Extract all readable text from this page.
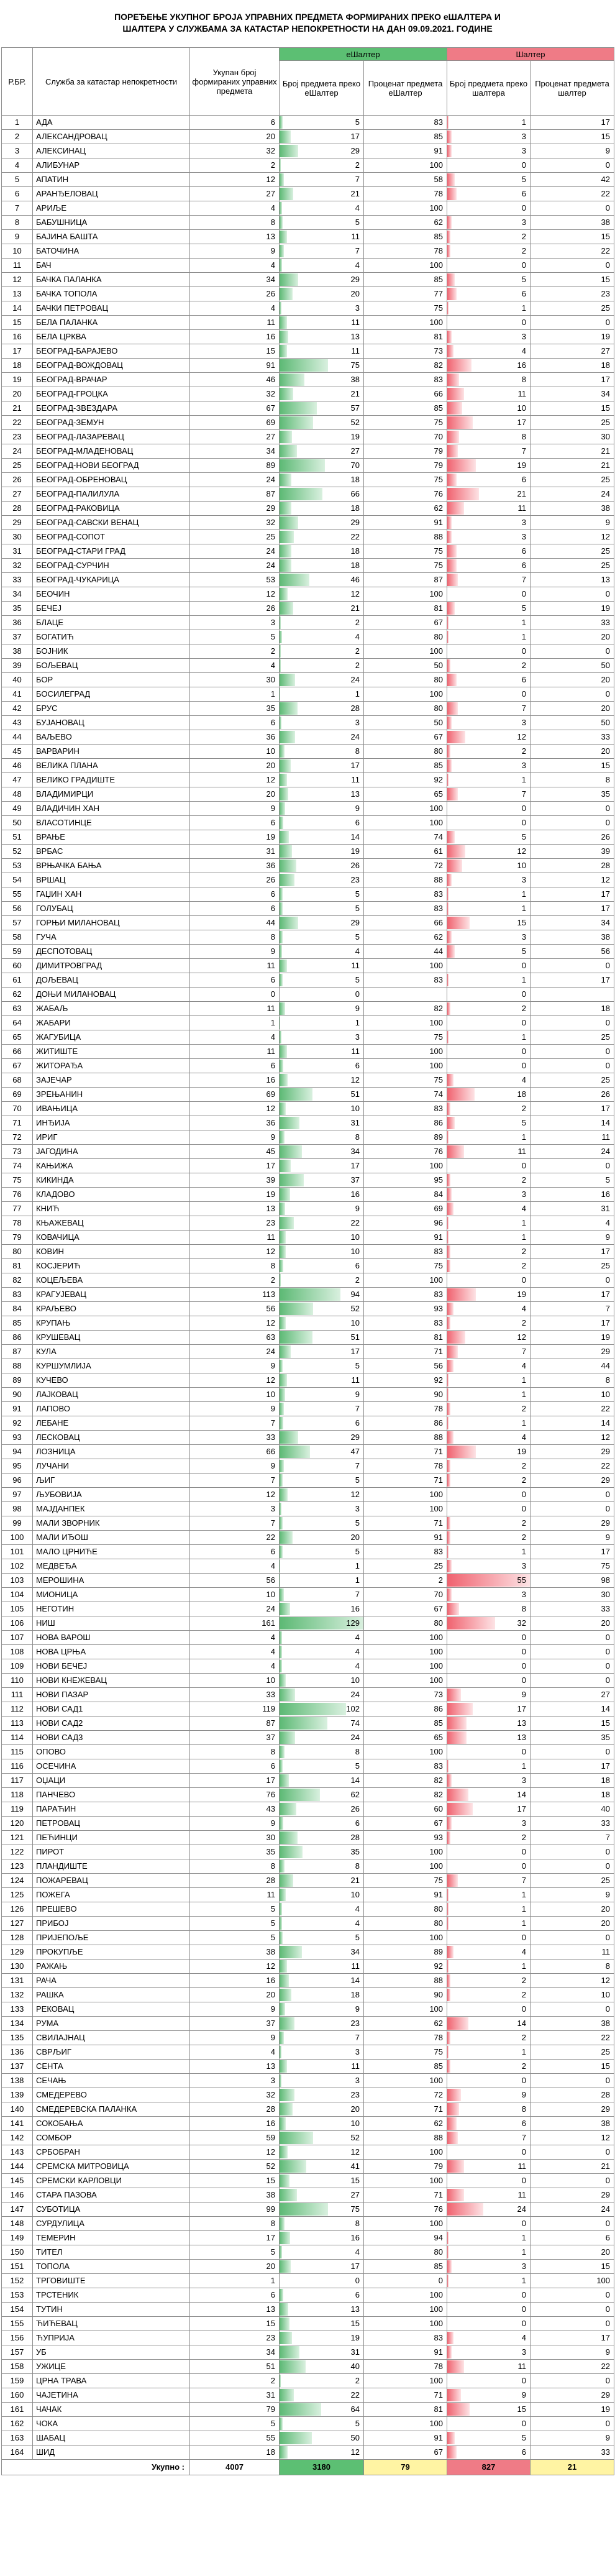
ПОРЕЂЕЊЕ УКУПНОГ БРОЈА УПРАВНИХ ПРЕДМЕТА ФОРМИРАНИХ ПРЕКО еШАЛТЕРА И
ШАЛТЕРА У СЛУЖБАМА ЗА КАТАСТАР НЕПОКРЕТНОСТИ НА ДАН 09.09.2021. ГОДИНЕ
Р.БР.	Служба за катастар непокретности	Укупан број формираних управних предмета	еШалтер		Шалтер	
			Број предмета преко еШалтер	Проценат предмета еШалтер	Број предмета преко шалтера	Проценат предмета шалтер
1	АДА	6	5	83	1	17
2	АЛЕКСАНДРОВАЦ	20	17	85	3	15
3	АЛЕКСИНАЦ	32	29	91	3	9
4	АЛИБУНАР	2	2	100	0	0
5	АПАТИН	12	7	58	5	42
6	АРАНЂЕЛОВАЦ	27	21	78	6	22
7	АРИЉЕ	4	4	100	0	0
8	БАБУШНИЦА	8	5	62	3	38
9	БАЈИНА БАШТА	13	11	85	2	15
10	БАТОЧИНА	9	7	78	2	22
11	БАЧ	4	4	100	0	0
12	БАЧКА ПАЛАНКА	34	29	85	5	15
13	БАЧКА ТОПОЛА	26	20	77	6	23
14	БАЧКИ ПЕТРОВАЦ	4	3	75	1	25
15	БЕЛА ПАЛАНКА	11	11	100	0	0
16	БЕЛА ЦРКВА	16	13	81	3	19
17	БЕОГРАД-БАРАЈЕВО	15	11	73	4	27
18	БЕОГРАД-ВОЖДОВАЦ	91	75	82	16	18
19	БЕОГРАД-ВРАЧАР	46	38	83	8	17
20	БЕОГРАД-ГРОЦКА	32	21	66	11	34
21	БЕОГРАД-ЗВЕЗДАРА	67	57	85	10	15
22	БЕОГРАД-ЗЕМУН	69	52	75	17	25
23	БЕОГРАД-ЛАЗАРЕВАЦ	27	19	70	8	30
24	БЕОГРАД-МЛАДЕНОВАЦ	34	27	79	7	21
25	БЕОГРАД-НОВИ БЕОГРАД	89	70	79	19	21
26	БЕОГРАД-ОБРЕНОВАЦ	24	18	75	6	25
27	БЕОГРАД-ПАЛИЛУЛА	87	66	76	21	24
28	БЕОГРАД-РАКОВИЦА	29	18	62	11	38
29	БЕОГРАД-САВСКИ ВЕНАЦ	32	29	91	3	9
30	БЕОГРАД-СОПОТ	25	22	88	3	12
31	БЕОГРАД-СТАРИ ГРАД	24	18	75	6	25
32	БЕОГРАД-СУРЧИН	24	18	75	6	25
33	БЕОГРАД-ЧУКАРИЦА	53	46	87	7	13
34	БЕОЧИН	12	12	100	0	0
35	БЕЧЕЈ	26	21	81	5	19
36	БЛАЦЕ	3	2	67	1	33
37	БОГАТИЋ	5	4	80	1	20
38	БОЈНИК	2	2	100	0	0
39	БОЉЕВАЦ	4	2	50	2	50
40	БОР	30	24	80	6	20
41	БОСИЛЕГРАД	1	1	100	0	0
42	БРУС	35	28	80	7	20
43	БУЈАНОВАЦ	6	3	50	3	50
44	ВАЉЕВО	36	24	67	12	33
45	ВАРВАРИН	10	8	80	2	20
46	ВЕЛИКА ПЛАНА	20	17	85	3	15
47	ВЕЛИКО ГРАДИШТЕ	12	11	92	1	8
48	ВЛАДИМИРЦИ	20	13	65	7	35
49	ВЛАДИЧИН ХАН	9	9	100	0	0
50	ВЛАСОТИНЦЕ	6	6	100	0	0
51	ВРАЊЕ	19	14	74	5	26
52	ВРБАС	31	19	61	12	39
53	ВРЊАЧКА БАЊА	36	26	72	10	28
54	ВРШАЦ	26	23	88	3	12
55	ГАЏИН ХАН	6	5	83	1	17
56	ГОЛУБАЦ	6	5	83	1	17
57	ГОРЊИ МИЛАНОВАЦ	44	29	66	15	34
58	ГУЧА	8	5	62	3	38
59	ДЕСПОТОВАЦ	9	4	44	5	56
60	ДИМИТРОВГРАД	11	11	100	0	0
61	ДОЉЕВАЦ	6	5	83	1	17
62	ДОЊИ МИЛАНОВАЦ	0	0		0	
63	ЖАБАЉ	11	9	82	2	18
64	ЖАБАРИ	1	1	100	0	0
65	ЖАГУБИЦА	4	3	75	1	25
66	ЖИТИШТЕ	11	11	100	0	0
67	ЖИТОРАЂА	6	6	100	0	0
68	ЗАЈЕЧАР	16	12	75	4	25
69	ЗРЕЊАНИН	69	51	74	18	26
70	ИВАЊИЦА	12	10	83	2	17
71	ИНЂИЈА	36	31	86	5	14
72	ИРИГ	9	8	89	1	11
73	ЈАГОДИНА	45	34	76	11	24
74	КАЊИЖА	17	17	100	0	0
75	КИКИНДА	39	37	95	2	5
76	КЛАДОВО	19	16	84	3	16
77	КНИЋ	13	9	69	4	31
78	КЊАЖЕВАЦ	23	22	96	1	4
79	КОВАЧИЦА	11	10	91	1	9
80	КОВИН	12	10	83	2	17
81	КОСЈЕРИЋ	8	6	75	2	25
82	КОЦЕЉЕВА	2	2	100	0	0
83	КРАГУЈЕВАЦ	113	94	83	19	17
84	КРАЉЕВО	56	52	93	4	7
85	КРУПАЊ	12	10	83	2	17
86	КРУШЕВАЦ	63	51	81	12	19
87	КУЛА	24	17	71	7	29
88	КУРШУМЛИЈА	9	5	56	4	44
89	КУЧЕВО	12	11	92	1	8
90	ЛАЈКОВАЦ	10	9	90	1	10
91	ЛАПОВО	9	7	78	2	22
92	ЛЕБАНЕ	7	6	86	1	14
93	ЛЕСКОВАЦ	33	29	88	4	12
94	ЛОЗНИЦА	66	47	71	19	29
95	ЛУЧАНИ	9	7	78	2	22
96	ЉИГ	7	5	71	2	29
97	ЉУБОВИЈА	12	12	100	0	0
98	МАЈДАНПЕК	3	3	100	0	0
99	МАЛИ ЗВОРНИК	7	5	71	2	29
100	МАЛИ ИЂОШ	22	20	91	2	9
101	МАЛО ЦРНИЋЕ	6	5	83	1	17
102	МЕДВЕЂА	4	1	25	3	75
103	МЕРОШИНА	56	1	2	55	98
104	МИОНИЦА	10	7	70	3	30
105	НЕГОТИН	24	16	67	8	33
106	НИШ	161	129	80	32	20
107	НОВА ВАРОШ	4	4	100	0	0
108	НОВА ЦРЊА	4	4	100	0	0
109	НОВИ БЕЧЕЈ	4	4	100	0	0
110	НОВИ КНЕЖЕВАЦ	10	10	100	0	0
111	НОВИ ПАЗАР	33	24	73	9	27
112	НОВИ САД1	119	102	86	17	14
113	НОВИ САД2	87	74	85	13	15
114	НОВИ САД3	37	24	65	13	35
115	ОПОВО	8	8	100	0	0
116	ОСЕЧИНА	6	5	83	1	17
117	ОЏАЦИ	17	14	82	3	18
118	ПАНЧЕВО	76	62	82	14	18
119	ПАРАЋИН	43	26	60	17	40
120	ПЕТРОВАЦ	9	6	67	3	33
121	ПЕЋИНЦИ	30	28	93	2	7
122	ПИРОТ	35	35	100	0	0
123	ПЛАНДИШТЕ	8	8	100	0	0
124	ПОЖАРЕВАЦ	28	21	75	7	25
125	ПОЖЕГА	11	10	91	1	9
126	ПРЕШЕВО	5	4	80	1	20
127	ПРИБОЈ	5	4	80	1	20
128	ПРИЈЕПОЉЕ	5	5	100	0	0
129	ПРОКУПЉЕ	38	34	89	4	11
130	РАЖАЊ	12	11	92	1	8
131	РАЧА	16	14	88	2	12
132	РАШКА	20	18	90	2	10
133	РЕКОВАЦ	9	9	100	0	0
134	РУМА	37	23	62	14	38
135	СВИЛАЈНАЦ	9	7	78	2	22
136	СВРЉИГ	4	3	75	1	25
137	СЕНТА	13	11	85	2	15
138	СЕЧАЊ	3	3	100	0	0
139	СМЕДЕРЕВО	32	23	72	9	28
140	СМЕДЕРЕВСКА ПАЛАНКА	28	20	71	8	29
141	СОКОБАЊА	16	10	62	6	38
142	СОМБОР	59	52	88	7	12
143	СРБОБРАН	12	12	100	0	0
144	СРЕМСКА МИТРОВИЦА	52	41	79	11	21
145	СРЕМСКИ КАРЛОВЦИ	15	15	100	0	0
146	СТАРА ПАЗОВА	38	27	71	11	29
147	СУБОТИЦА	99	75	76	24	24
148	СУРДУЛИЦА	8	8	100	0	0
149	ТЕМЕРИН	17	16	94	1	6
150	ТИТЕЛ	5	4	80	1	20
151	ТОПОЛА	20	17	85	3	15
152	ТРГОВИШТЕ	1	0	0	1	100
153	ТРСТЕНИК	6	6	100	0	0
154	ТУТИН	13	13	100	0	0
155	ЋИЋЕВАЦ	15	15	100	0	0
156	ЋУПРИЈА	23	19	83	4	17
157	УБ	34	31	91	3	9
158	УЖИЦЕ	51	40	78	11	22
159	ЦРНА ТРАВА	2	2	100	0	0
160	ЧАЈЕТИНА	31	22	71	9	29
161	ЧАЧАК	79	64	81	15	19
162	ЧОКА	5	5	100	0	0
163	ШАБАЦ	55	50	91	5	9
164	ШИД	18	12	67	6	33
Укупно :		4007	3180	79	827	21
